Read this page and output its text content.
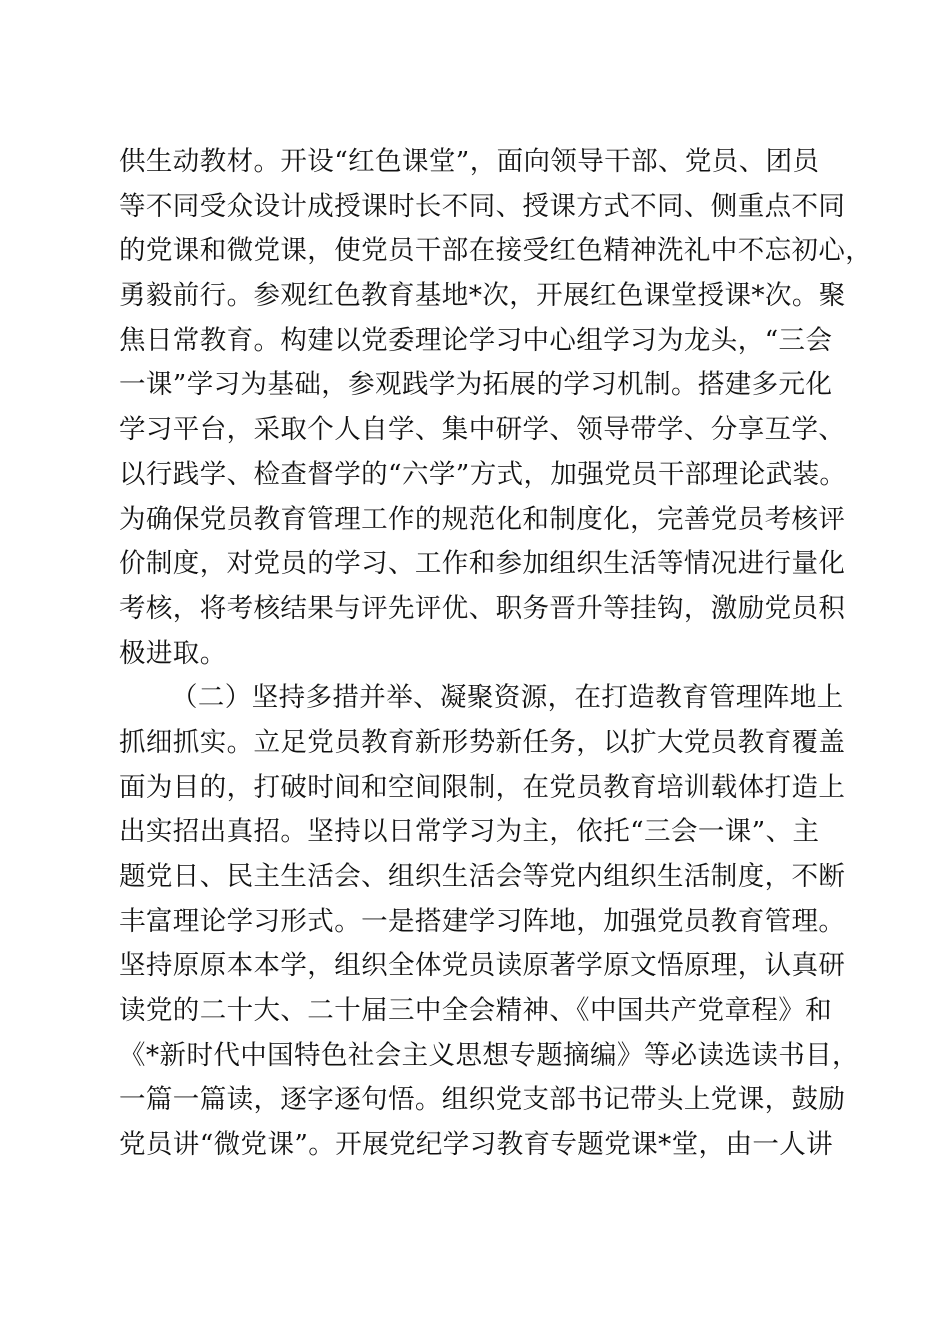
供生动教材。开设“红色课堂”，面向领导干部、党员、团员
等不同受众设计成授课时长不同、授课方式不同、侧重点不同
的党课和微党课，使党员干部在接受红色精神洗礼中不忘初心，
勇毅前行。参观红色教育基地*次，开展红色课堂授课*次。聚
焦日常教育。构建以党委理论学习中心组学习为龙头，“三会
一课”学习为基础，参观践学为拓展的学习机制。搭建多元化
学习平台，采取个人自学、集中研学、领导带学、分享互学、
以行践学、检查督学的“六学”方式，加强党员干部理论武装。
为确保党员教育管理工作的规范化和制度化，完善党员考核评
价制度，对党员的学习、工作和参加组织生活等情况进行量化
考核，将考核结果与评先评优、职务晋升等挂钩，激励党员积
极进取。
（二）坚持多措并举、凝聚资源，在打造教育管理阵地上
抓细抓实。立足党员教育新形势新任务，以扩大党员教育覆盖
面为目的，打破时间和空间限制，在党员教育培训载体打造上
出实招出真招。坚持以日常学习为主，依托“三会一课”、主
题党日、民主生活会、组织生活会等党内组织生活制度，不断
丰富理论学习形式。一是搭建学习阵地，加强党员教育管理。
坚持原原本本学，组织全体党员读原著学原文悟原理，认真研
读党的二十大、二十届三中全会精神、《中国共产党章程》和
《*新时代中国特色社会主义思想专题摘编》等必读选读书目，
一篇一篇读，逐字逐句悟。组织党支部书记带头上党课，鼓励
党员讲“微党课”。开展党纪学习教育专题党课*堂，由一人讲
